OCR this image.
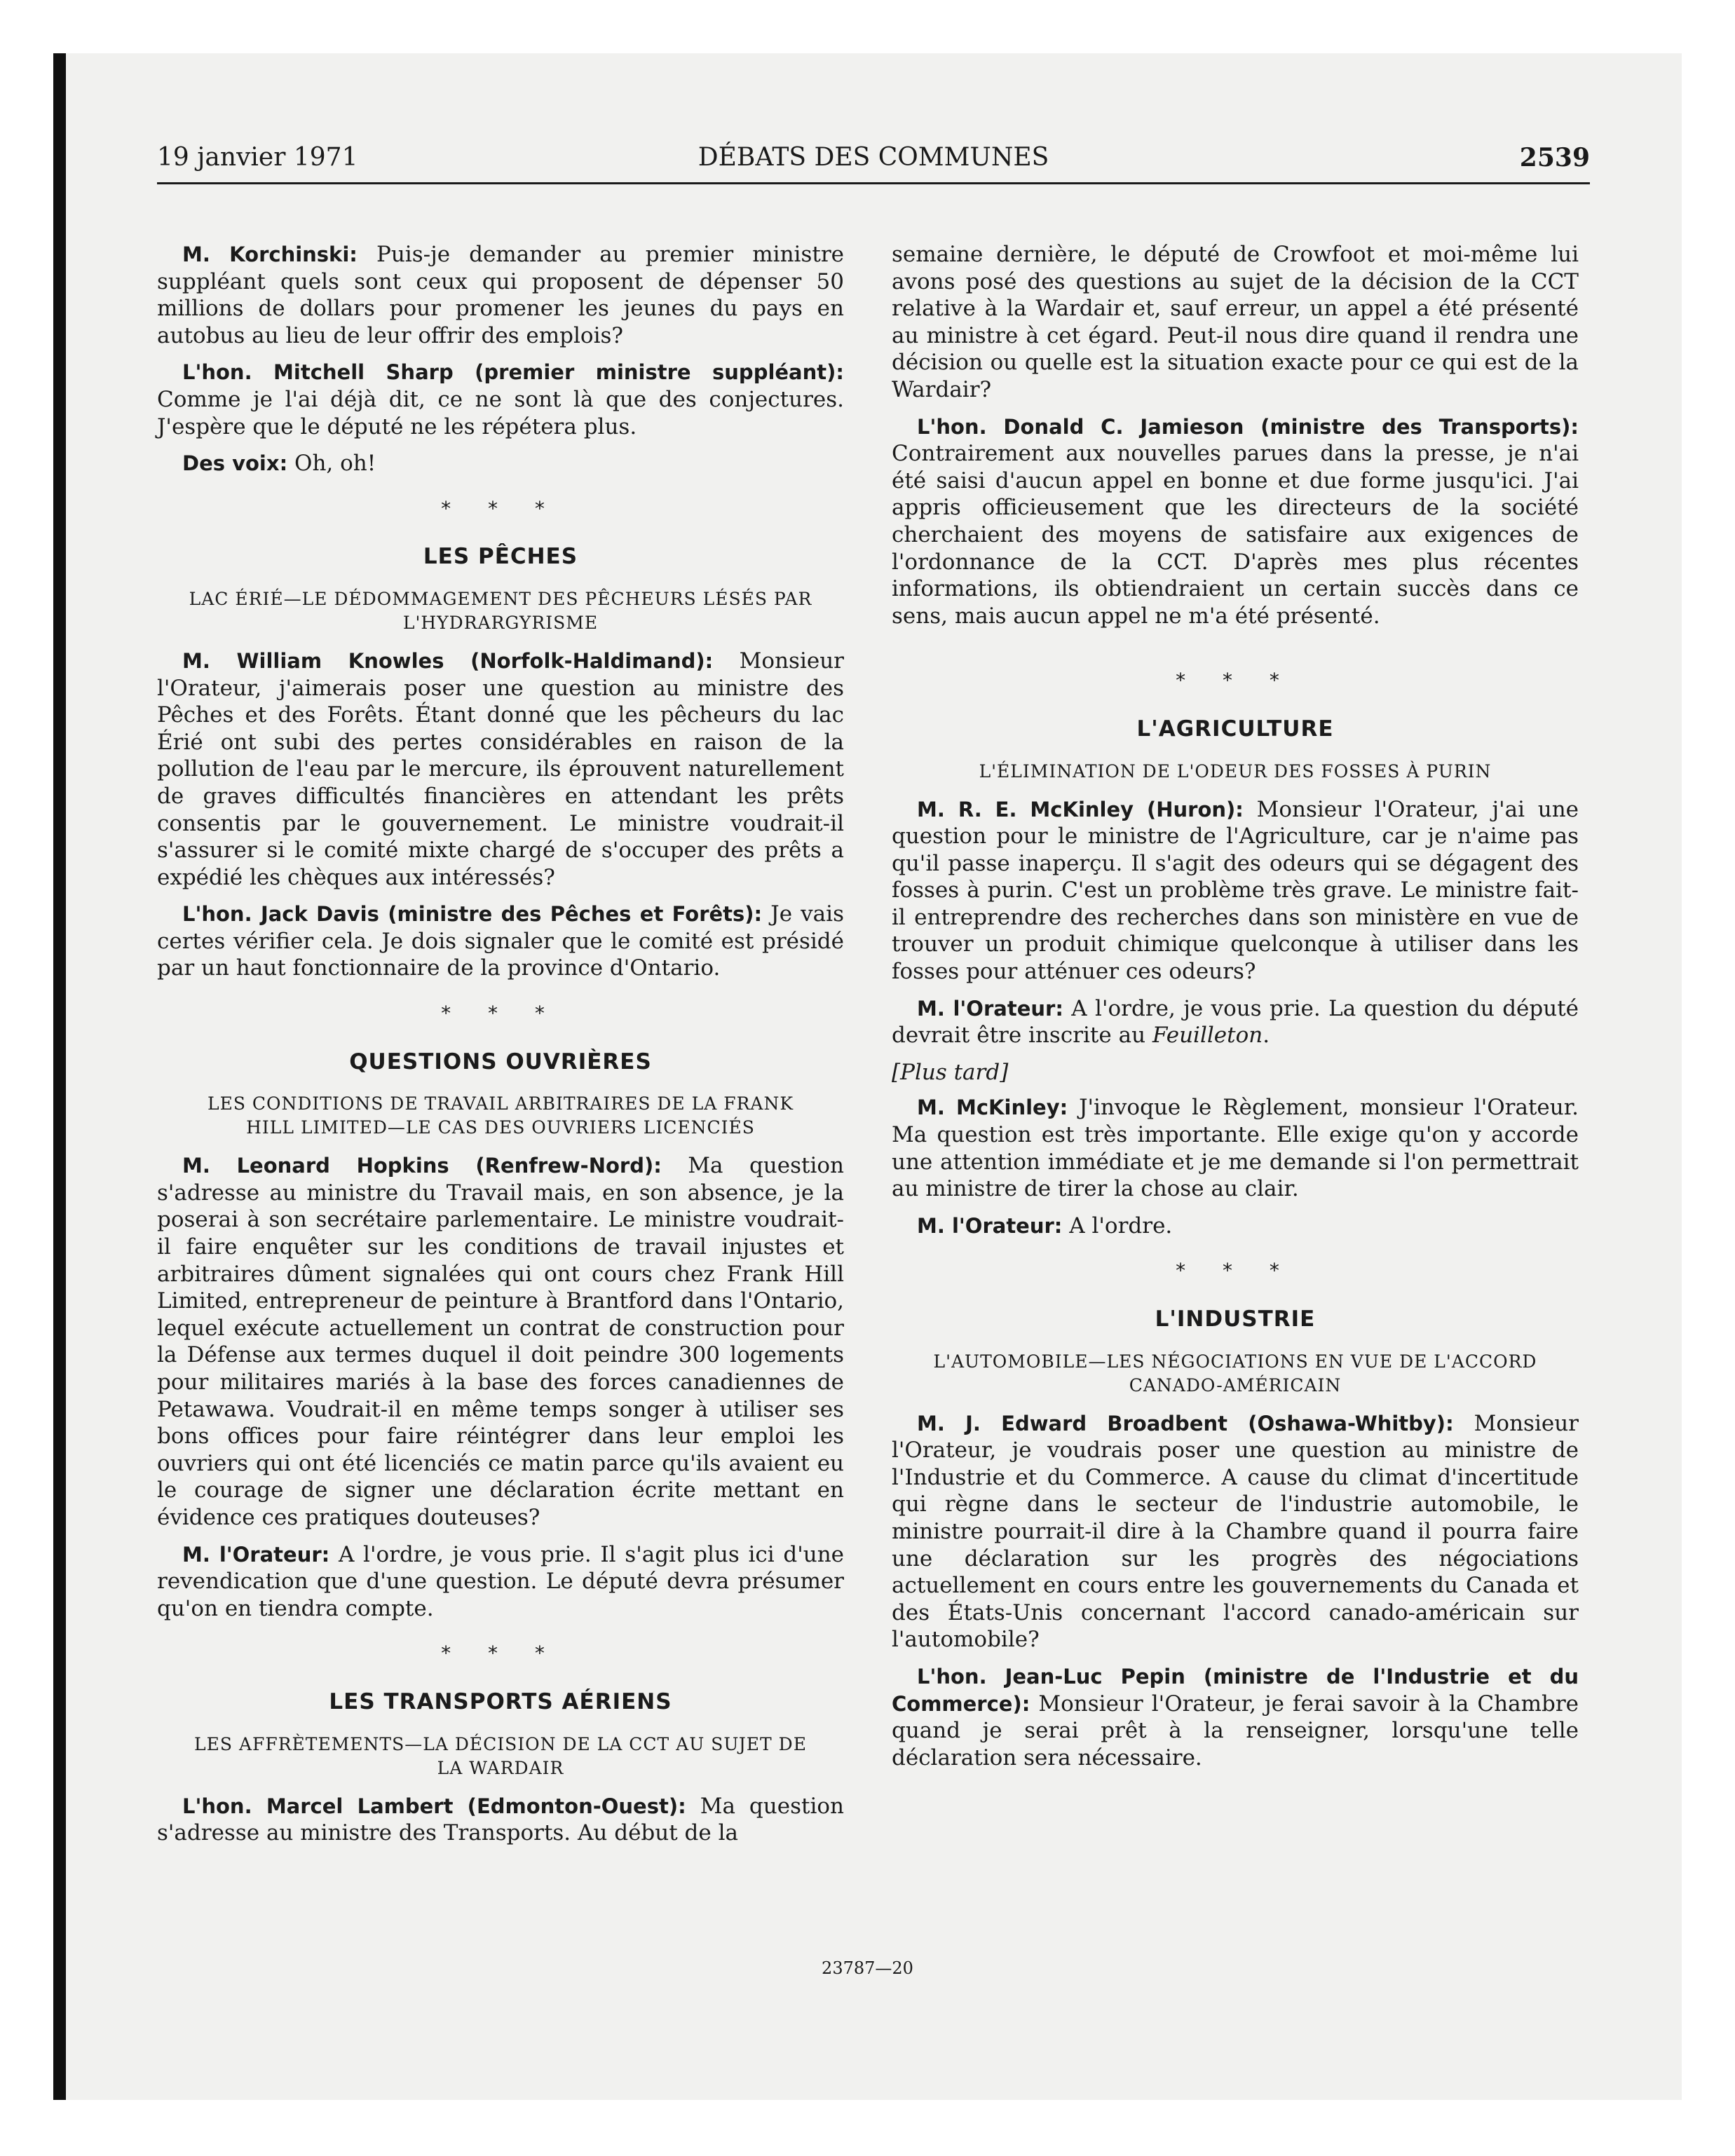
19 janvier 1971	DÉBATS DES COMMUNES	2539

M. Korchinski: Puis-je demander au premier ministre suppléant quels sont ceux qui proposent de dépenser 50 millions de dollars pour promener les jeunes du pays en autobus au lieu de leur offrir des emplois?

L'hon. Mitchell Sharp (premier ministre suppléant): Comme je l'ai déjà dit, ce ne sont là que des conjectures. J'espère que le député ne les répétera plus.

Des voix: Oh, oh!

* * *
LES PÊCHES
LAC ÉRIÉ—LE DÉDOMMAGEMENT DES PÊCHEURS LÉSÉS PAR L'HYDRARGYRISME

M. William Knowles (Norfolk-Haldimand): Monsieur l'Orateur, j'aimerais poser une question au ministre des Pêches et des Forêts. Étant donné que les pêcheurs du lac Érié ont subi des pertes considérables en raison de la pollution de l'eau par le mercure, ils éprouvent naturellement de graves difficultés financières en attendant les prêts consentis par le gouvernement. Le ministre voudrait-il s'assurer si le comité mixte chargé de s'occuper des prêts a expédié les chèques aux intéressés?

L'hon. Jack Davis (ministre des Pêches et Forêts): Je vais certes vérifier cela. Je dois signaler que le comité est présidé par un haut fonctionnaire de la province d'Ontario.

* * *
QUESTIONS OUVRIÈRES
LES CONDITIONS DE TRAVAIL ARBITRAIRES DE LA FRANK HILL LIMITED—LE CAS DES OUVRIERS LICENCIÉS

M. Leonard Hopkins (Renfrew-Nord): Ma question s'adresse au ministre du Travail mais, en son absence, je la poserai à son secrétaire parlementaire. Le ministre voudrait-il faire enquêter sur les conditions de travail injustes et arbitraires dûment signalées qui ont cours chez Frank Hill Limited, entrepreneur de peinture à Brantford dans l'Ontario, lequel exécute actuellement un contrat de construction pour la Défense aux termes duquel il doit peindre 300 logements pour militaires mariés à la base des forces canadiennes de Petawawa. Voudrait-il en même temps songer à utiliser ses bons offices pour faire réintégrer dans leur emploi les ouvriers qui ont été licenciés ce matin parce qu'ils avaient eu le courage de signer une déclaration écrite mettant en évidence ces pratiques douteuses?

M. l'Orateur: A l'ordre, je vous prie. Il s'agit plus ici d'une revendication que d'une question. Le député devra présumer qu'on en tiendra compte.

* * *
LES TRANSPORTS AÉRIENS
LES AFFRÈTEMENTS—LA DÉCISION DE LA CCT AU SUJET DE LA WARDAIR

L'hon. Marcel Lambert (Edmonton-Ouest): Ma question s'adresse au ministre des Transports. Au début de la

semaine dernière, le député de Crowfoot et moi-même lui avons posé des questions au sujet de la décision de la CCT relative à la Wardair et, sauf erreur, un appel a été présenté au ministre à cet égard. Peut-il nous dire quand il rendra une décision ou quelle est la situation exacte pour ce qui est de la Wardair?

L'hon. Donald C. Jamieson (ministre des Transports): Contrairement aux nouvelles parues dans la presse, je n'ai été saisi d'aucun appel en bonne et due forme jusqu'ici. J'ai appris officieusement que les directeurs de la société cherchaient des moyens de satisfaire aux exigences de l'ordonnance de la CCT. D'après mes plus récentes informations, ils obtiendraient un certain succès dans ce sens, mais aucun appel ne m'a été présenté.

* * *
L'AGRICULTURE
L'ÉLIMINATION DE L'ODEUR DES FOSSES À PURIN

M. R. E. McKinley (Huron): Monsieur l'Orateur, j'ai une question pour le ministre de l'Agriculture, car je n'aime pas qu'il passe inaperçu. Il s'agit des odeurs qui se dégagent des fosses à purin. C'est un problème très grave. Le ministre fait-il entreprendre des recherches dans son ministère en vue de trouver un produit chimique quelconque à utiliser dans les fosses pour atténuer ces odeurs?

M. l'Orateur: A l'ordre, je vous prie. La question du député devrait être inscrite au Feuilleton.

[Plus tard]

M. McKinley: J'invoque le Règlement, monsieur l'Orateur. Ma question est très importante. Elle exige qu'on y accorde une attention immédiate et je me demande si l'on permettrait au ministre de tirer la chose au clair.

M. l'Orateur: A l'ordre.

* * *
L'INDUSTRIE
L'AUTOMOBILE—LES NÉGOCIATIONS EN VUE DE L'ACCORD CANADO-AMÉRICAIN

M. J. Edward Broadbent (Oshawa-Whitby): Monsieur l'Orateur, je voudrais poser une question au ministre de l'Industrie et du Commerce. A cause du climat d'incertitude qui règne dans le secteur de l'industrie automobile, le ministre pourrait-il dire à la Chambre quand il pourra faire une déclaration sur les progrès des négociations actuellement en cours entre les gouvernements du Canada et des États-Unis concernant l'accord canado-américain sur l'automobile?

L'hon. Jean-Luc Pepin (ministre de l'Industrie et du Commerce): Monsieur l'Orateur, je ferai savoir à la Chambre quand je serai prêt à la renseigner, lorsqu'une telle déclaration sera nécessaire.

23787—20
